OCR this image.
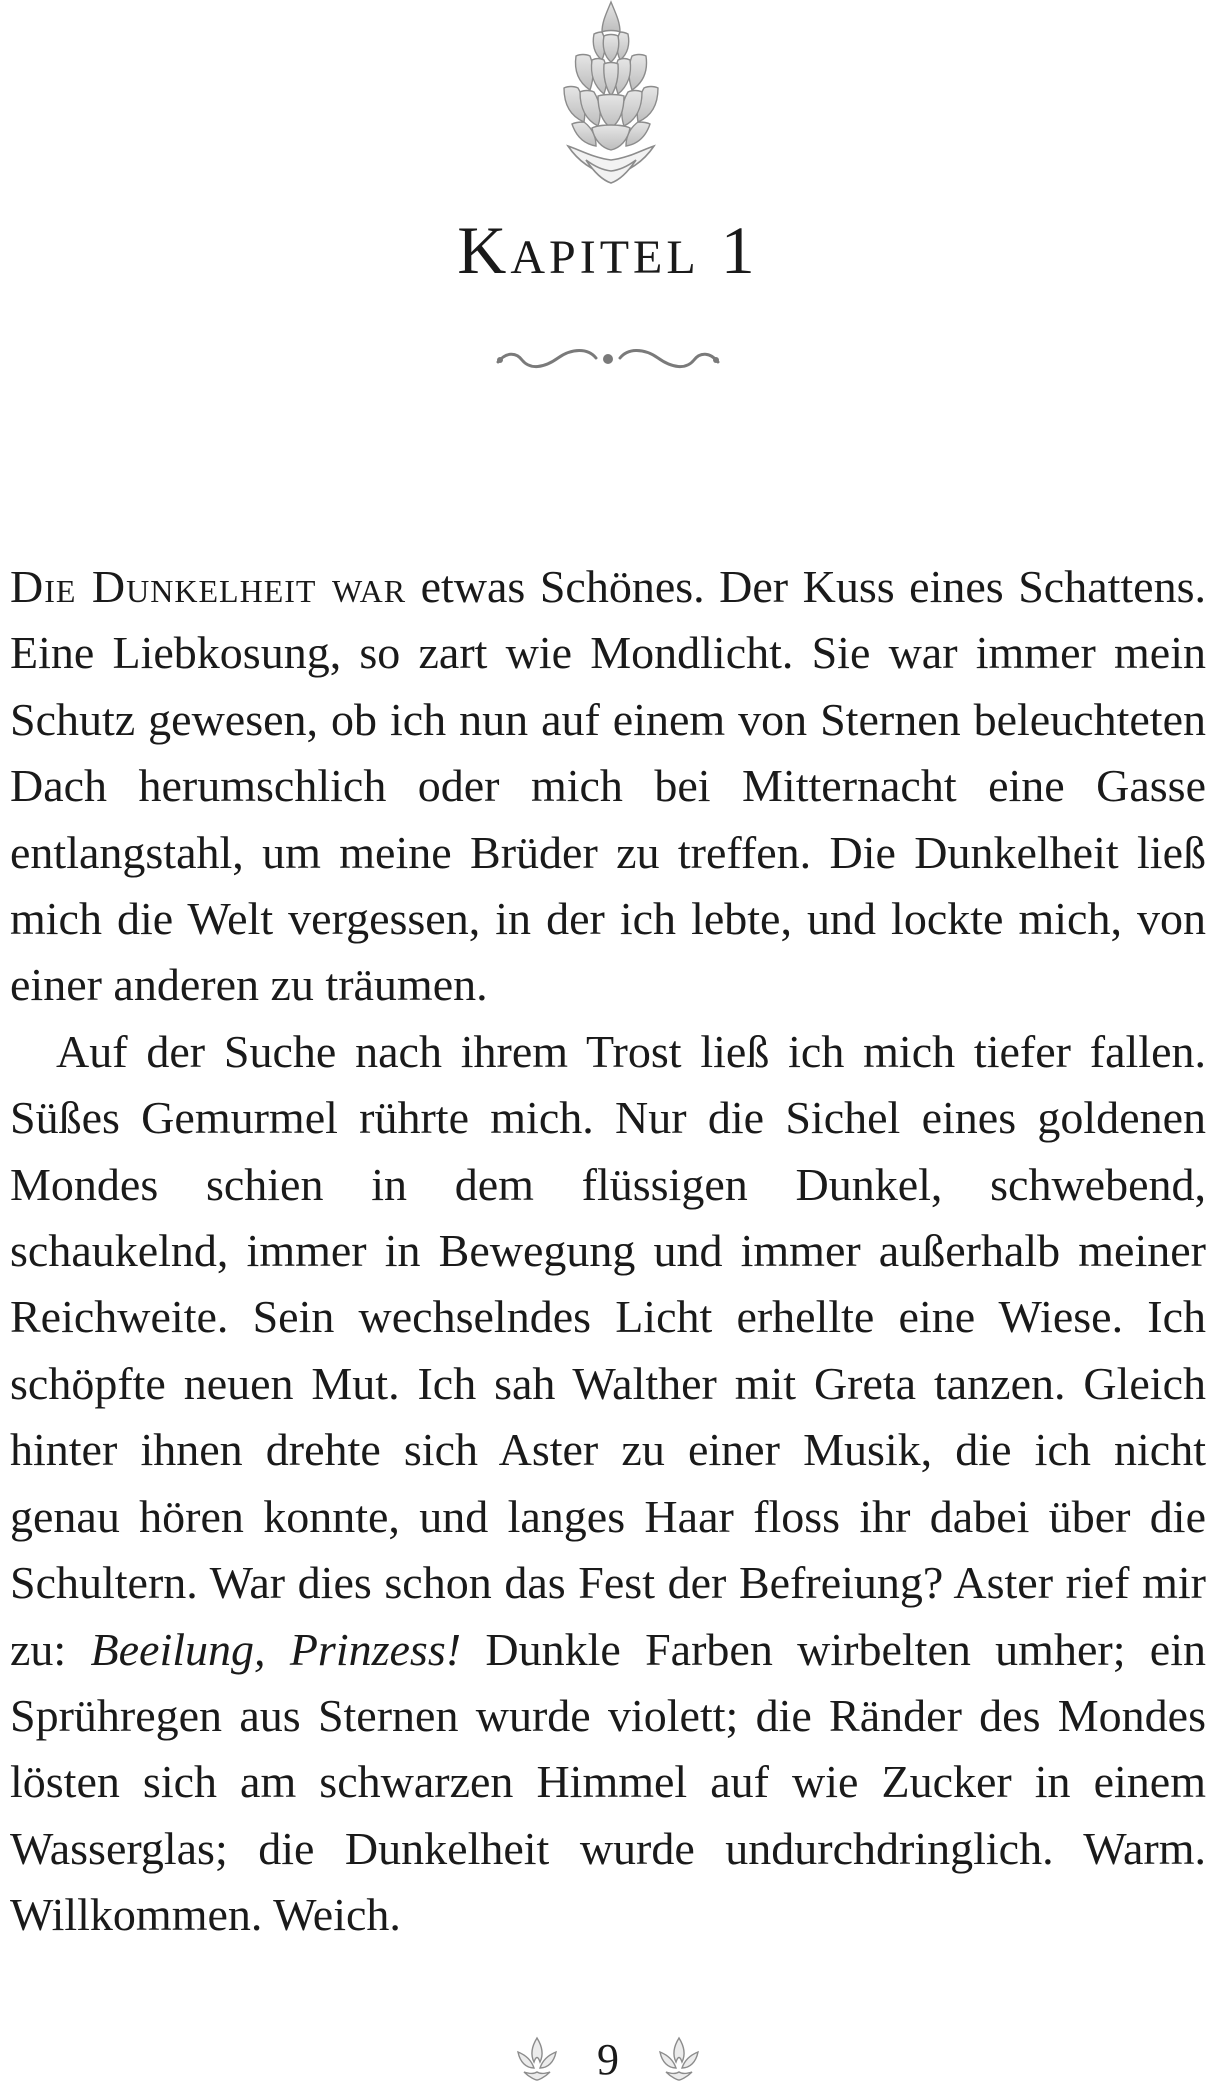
Kapitel 1

Die Dunkelheit war etwas Schönes. Der Kuss eines Schattens. Eine Liebkosung, so zart wie Mondlicht. Sie war immer mein Schutz gewesen, ob ich nun auf einem von Sternen beleuchteten Dach herumschlich oder mich bei Mitternacht eine Gasse entlangstahl, um meine Brüder zu treffen. Die Dunkelheit ließ mich die Welt vergessen, in der ich lebte, und lockte mich, von einer anderen zu träumen.

Auf der Suche nach ihrem Trost ließ ich mich tiefer fallen. Süßes Gemurmel rührte mich. Nur die Sichel eines goldenen Mondes schien in dem flüssigen Dunkel, schwebend, schaukelnd, immer in Bewegung und immer außerhalb meiner Reichweite. Sein wechselndes Licht erhellte eine Wiese. Ich schöpfte neuen Mut. Ich sah Walther mit Greta tanzen. Gleich hinter ihnen drehte sich Aster zu einer Musik, die ich nicht genau hören konnte, und langes Haar floss ihr dabei über die Schultern. War dies schon das Fest der Befreiung? Aster rief mir zu: Beeilung, Prinzess! Dunkle Farben wirbelten umher; ein Sprühregen aus Sternen wurde violett; die Ränder des Mondes lösten sich am schwarzen Himmel auf wie Zucker in einem Wasserglas; die Dunkelheit wurde undurchdringlich. Warm. Willkommen. Weich.

9
